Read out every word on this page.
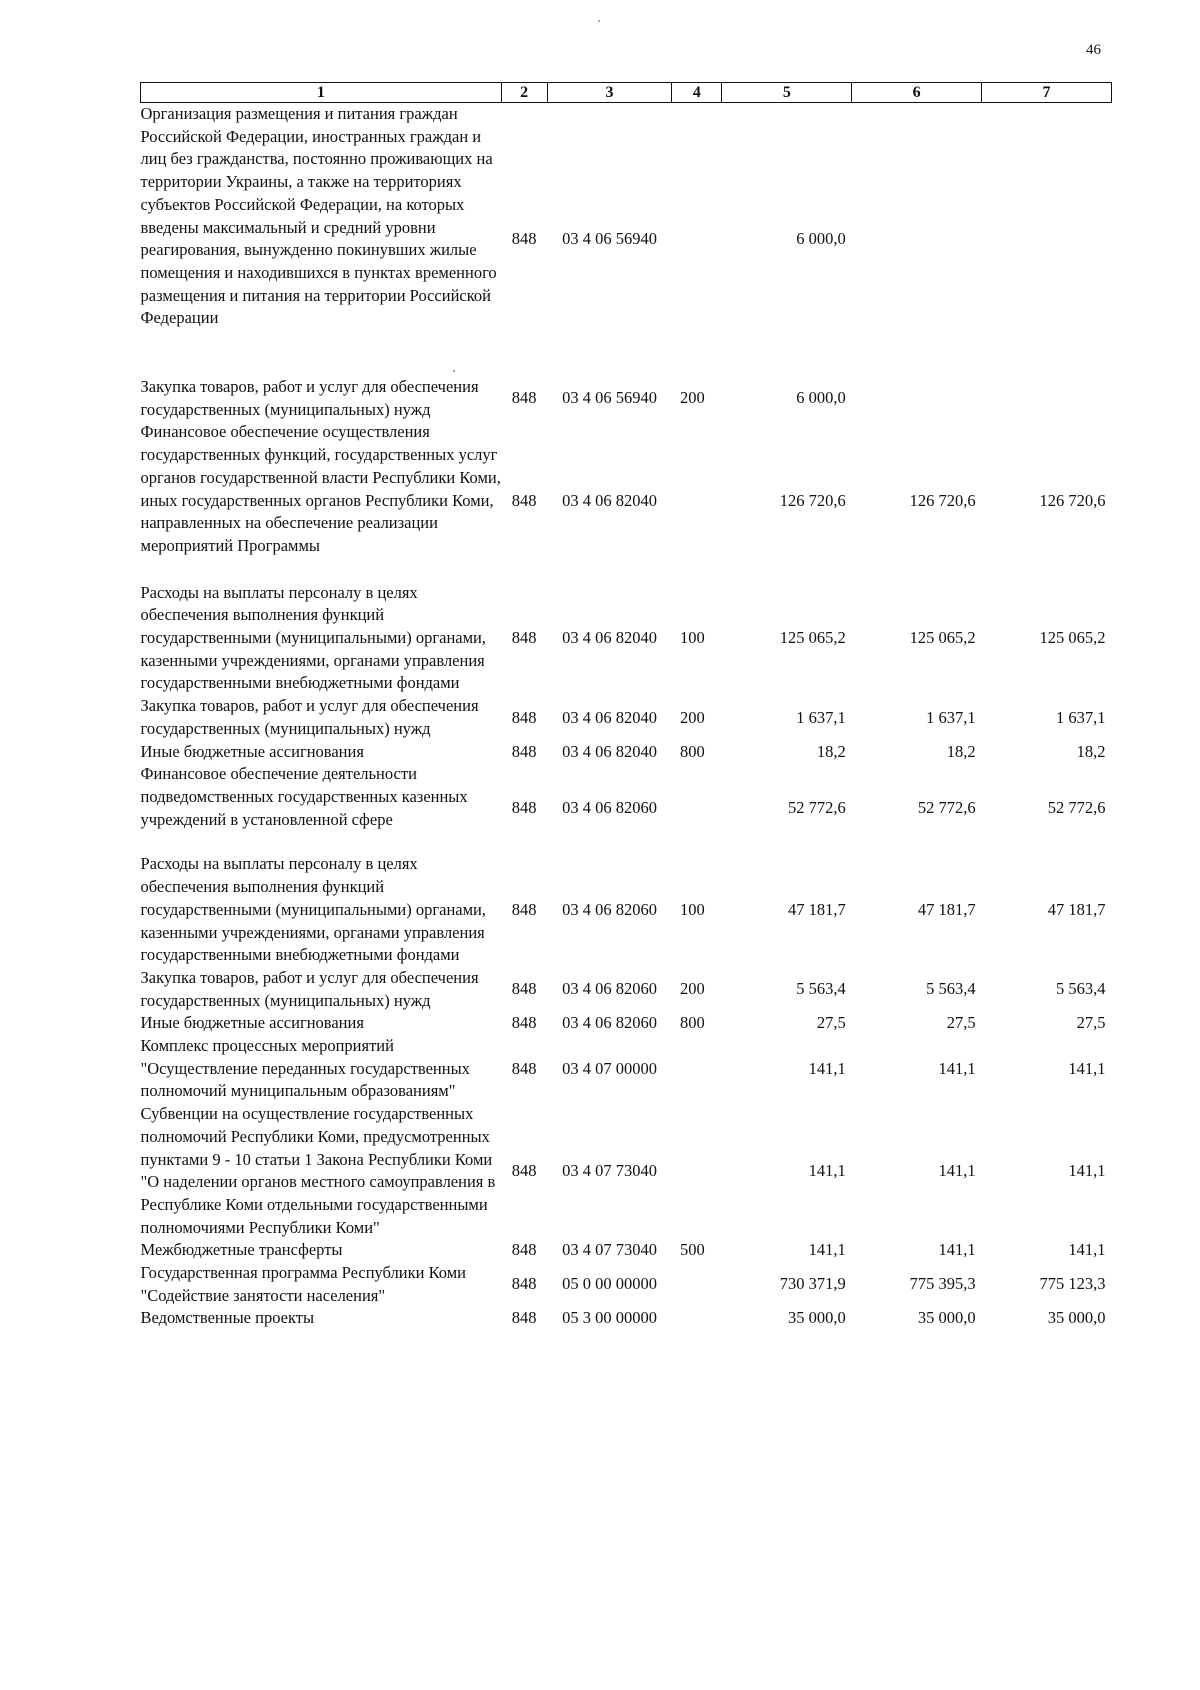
46
1	2	3	4	5	6	7
Организация размещения и питания граждан Российской Федерации, иностранных граждан и лиц без гражданства, постоянно проживающих на территории Украины, а также на территориях субъектов Российской Федерации, на которых введены максимальный и средний уровни реагирования, вынужденно покинувших жилые помещения и находившихся в пунктах временного размещения и питания на территории Российской Федерации	848	03 4 06 56940		6 000,0		
Закупка товаров, работ и услуг для обеспечения государственных (муниципальных) нужд	848	03 4 06 56940	200	6 000,0		
Финансовое обеспечение осуществления государственных функций, государственных услуг органов государственной власти Республики Коми, иных государственных органов Республики Коми, направленных на обеспечение реализации мероприятий Программы	848	03 4 06 82040		126 720,6	126 720,6	126 720,6
Расходы на выплаты персоналу в целях обеспечения выполнения функций государственными (муниципальными) органами, казенными учреждениями, органами управления государственными внебюджетными фондами	848	03 4 06 82040	100	125 065,2	125 065,2	125 065,2
Закупка товаров, работ и услуг для обеспечения государственных (муниципальных) нужд	848	03 4 06 82040	200	1 637,1	1 637,1	1 637,1
Иные бюджетные ассигнования	848	03 4 06 82040	800	18,2	18,2	18,2
Финансовое обеспечение деятельности подведомственных государственных казенных учреждений в установленной сфере	848	03 4 06 82060		52 772,6	52 772,6	52 772,6
Расходы на выплаты персоналу в целях обеспечения выполнения функций государственными (муниципальными) органами, казенными учреждениями, органами управления государственными внебюджетными фондами	848	03 4 06 82060	100	47 181,7	47 181,7	47 181,7
Закупка товаров, работ и услуг для обеспечения государственных (муниципальных) нужд	848	03 4 06 82060	200	5 563,4	5 563,4	5 563,4
Иные бюджетные ассигнования	848	03 4 06 82060	800	27,5	27,5	27,5
Комплекс процессных мероприятий "Осуществление переданных государственных полномочий муниципальным образованиям"	848	03 4 07 00000		141,1	141,1	141,1
Субвенции на осуществление государственных полномочий Республики Коми, предусмотренных пунктами 9 - 10 статьи 1 Закона Республики Коми "О наделении органов местного самоуправления в Республике Коми отдельными государственными полномочиями Республики Коми"	848	03 4 07 73040		141,1	141,1	141,1
Межбюджетные трансферты	848	03 4 07 73040	500	141,1	141,1	141,1
Государственная программа Республики Коми "Содействие занятости населения"	848	05 0 00 00000		730 371,9	775 395,3	775 123,3
Ведомственные проекты	848	05 3 00 00000		35 000,0	35 000,0	35 000,0
